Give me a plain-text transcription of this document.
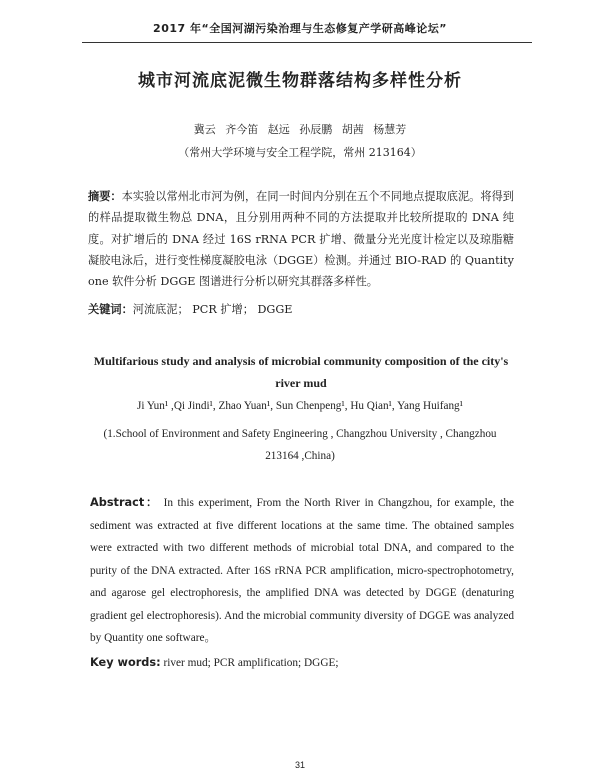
2017 年“全国河湖污染治理与生态修复产学研高峰论坛”
城市河流底泥微生物群落结构多样性分析
冀云 齐今笛 赵远 孙辰鹏 胡茜 杨慧芳
（常州大学环境与安全工程学院，常州 213164）

摘要：本实验以常州北市河为例，在同一时间内分别在五个不同地点提取底泥。将得到的样品提取微生物总 DNA，且分别用两种不同的方法提取并比较所提取的 DNA 纯度。对扩增后的 DNA 经过 16S rRNA PCR 扩增、微量分光光度计检定以及琼脂糖凝胶电泳后，进行变性梯度凝胶电泳（DGGE）检测。并通过 BIO-RAD 的 Quantity one 软件分析 DGGE 图谱进行分析以研究其群落多样性。

关键词：河流底泥； PCR 扩增； DGGE

Multifarious study and analysis of microbial community composition of the city's river mud

Ji Yun¹ ,Qi Jindi¹, Zhao Yuan¹, Sun Chenpeng¹, Hu Qian¹, Yang Huifang¹

(1.School of Environment and Safety Engineering , Changzhou University , Changzhou 213164 ,China)

Abstract： In this experiment, From the North River in Changzhou, for example, the sediment was extracted at five different locations at the same time. The obtained samples were extracted with two different methods of microbial total DNA, and compared to the purity of the DNA extracted. After 16S rRNA PCR amplification, micro-spectrophotometry, and agarose gel electrophoresis, the amplified DNA was detected by DGGE (denaturing gradient gel electrophoresis). And the microbial community diversity of DGGE was analyzed by Quantity one software。

Key words: river mud; PCR amplification; DGGE;

31
